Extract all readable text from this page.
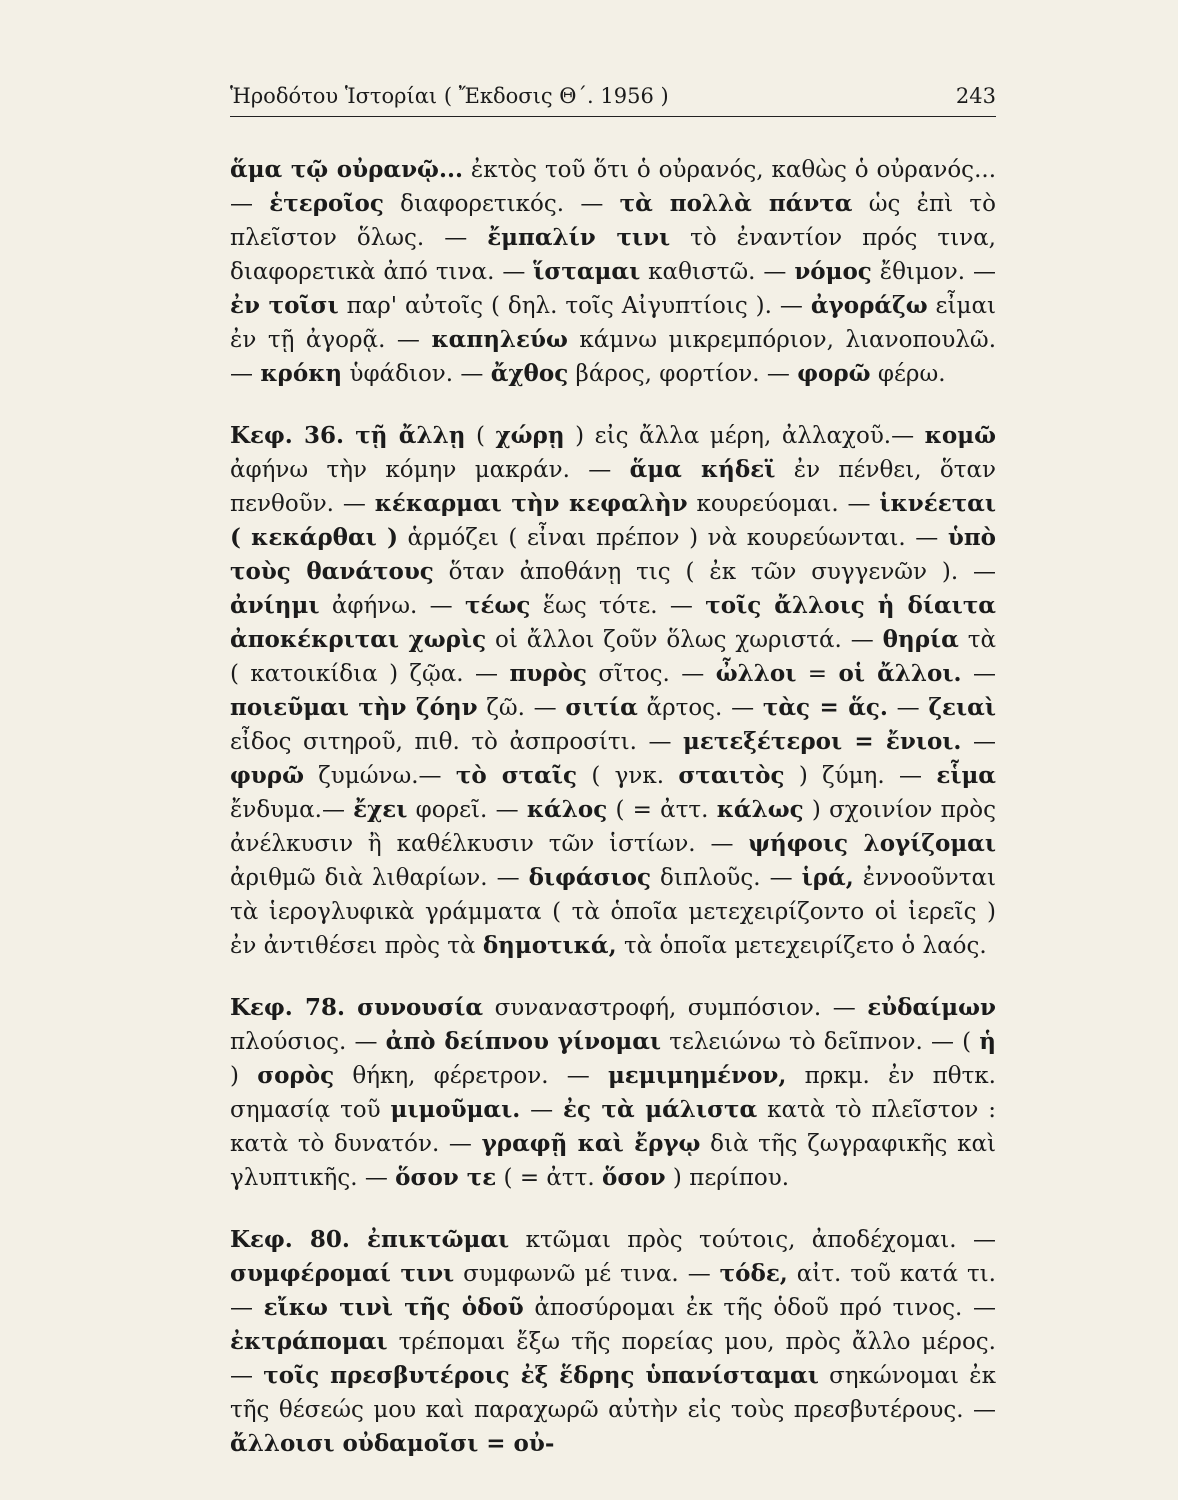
Ἡροδότου Ἱστορίαι ( Ἔκδοσις Θ΄. 1956 )	243

ἅμα τῷ οὐρανῷ... ἐκτὸς τοῦ ὅτι ὁ οὐρανός, καθὼς ὁ οὐρανός... — ἑτεροῖος διαφορετικός. — τὰ πολλὰ πάντα ὡς ἐπὶ τὸ πλεῖστον ὅλως. — ἔμπαλίν τινι τὸ ἐναντίον πρός τινα, διαφορετικὰ ἀπό τινα. — ἵσταμαι καθιστῶ. — νόμος ἔθιμον. — ἐν τοῖσι παρ' αὐτοῖς ( δηλ. τοῖς Αἰγυπτίοις ). — ἀγοράζω εἶμαι ἐν τῇ ἀγορᾷ. — καπηλεύω κάμνω μικρεμπόριον, λιανοπουλῶ. — κρόκη ὑφάδιον. — ἄχθος βάρος, φορτίον. — φορῶ φέρω.

Κεφ. 36. τῇ ἄλλῃ ( χώρῃ ) εἰς ἄλλα μέρη, ἀλλαχοῦ.— κομῶ ἀφήνω τὴν κόμην μακράν. — ἅμα κήδεϊ ἐν πένθει, ὅταν πενθοῦν. — κέκαρμαι τὴν κεφαλὴν κουρεύομαι. — ἱκνέεται ( κεκάρθαι ) ἁρμόζει ( εἶναι πρέπον ) νὰ κουρεύωνται. — ὑπὸ τοὺς θανάτους ὅταν ἀποθάνῃ τις ( ἐκ τῶν συγγενῶν ). — ἀνίημι ἀφήνω. — τέως ἕως τότε. — τοῖς ἄλλοις ἡ δίαιτα ἀποκέκριται χωρὶς οἱ ἄλλοι ζοῦν ὅλως χωριστά. — θηρία τὰ ( κατοικίδια ) ζῷα. — πυρὸς σῖτος. — ὦλλοι = οἱ ἄλλοι. — ποιεῦμαι τὴν ζόην ζῶ. — σιτία ἄρτος. — τὰς = ἅς. — ζειαὶ εἶδος σιτηροῦ, πιθ. τὸ ἀσπροσίτι. — μετεξέτεροι = ἔνιοι. — φυρῶ ζυμώνω.— τὸ σταῖς ( γνκ. σταιτὸς ) ζύμη. — εἷμα ἔνδυμα.— ἔχει φορεῖ. — κάλος ( = ἀττ. κάλως ) σχοινίον πρὸς ἀνέλκυσιν ἢ καθέλκυσιν τῶν ἱστίων. — ψήφοις λογίζομαι ἀριθμῶ διὰ λιθαρίων. — διφάσιος διπλοῦς. — ἱρά, ἐννοοῦνται τὰ ἱερογλυφικὰ γράμματα ( τὰ ὁποῖα μετεχειρίζοντο οἱ ἱερεῖς ) ἐν ἀντιθέσει πρὸς τὰ δημοτικά, τὰ ὁποῖα μετεχειρίζετο ὁ λαός.

Κεφ. 78. συνουσία συναναστροφή, συμπόσιον. — εὐδαίμων πλούσιος. — ἀπὸ δείπνου γίνομαι τελειώνω τὸ δεῖπνον. — ( ἡ ) σορὸς θήκη, φέρετρον. — μεμιμημένον, πρκμ. ἐν πθτκ. σημασίᾳ τοῦ μιμοῦμαι. — ἐς τὰ μάλιστα κατὰ τὸ πλεῖστον : κατὰ τὸ δυνατόν. — γραφῇ καὶ ἔργῳ διὰ τῆς ζωγραφικῆς καὶ γλυπτικῆς. — ὅσον τε ( = ἀττ. ὅσον ) περίπου.

Κεφ. 80. ἐπικτῶμαι κτῶμαι πρὸς τούτοις, ἀποδέχομαι. — συμφέρομαί τινι συμφωνῶ μέ τινα. — τόδε, αἰτ. τοῦ κατά τι. — εἴκω τινὶ τῆς ὁδοῦ ἀποσύρομαι ἐκ τῆς ὁδοῦ πρό τινος. — ἐκτράπομαι τρέπομαι ἔξω τῆς πορείας μου, πρὸς ἄλλο μέρος. — τοῖς πρεσβυτέροις ἐξ ἕδρης ὑπανίσταμαι σηκώνομαι ἐκ τῆς θέσεώς μου καὶ παραχωρῶ αὐτὴν εἰς τοὺς πρεσβυτέρους. — ἄλλοισι οὐδαμοῖσι = οὐ-
